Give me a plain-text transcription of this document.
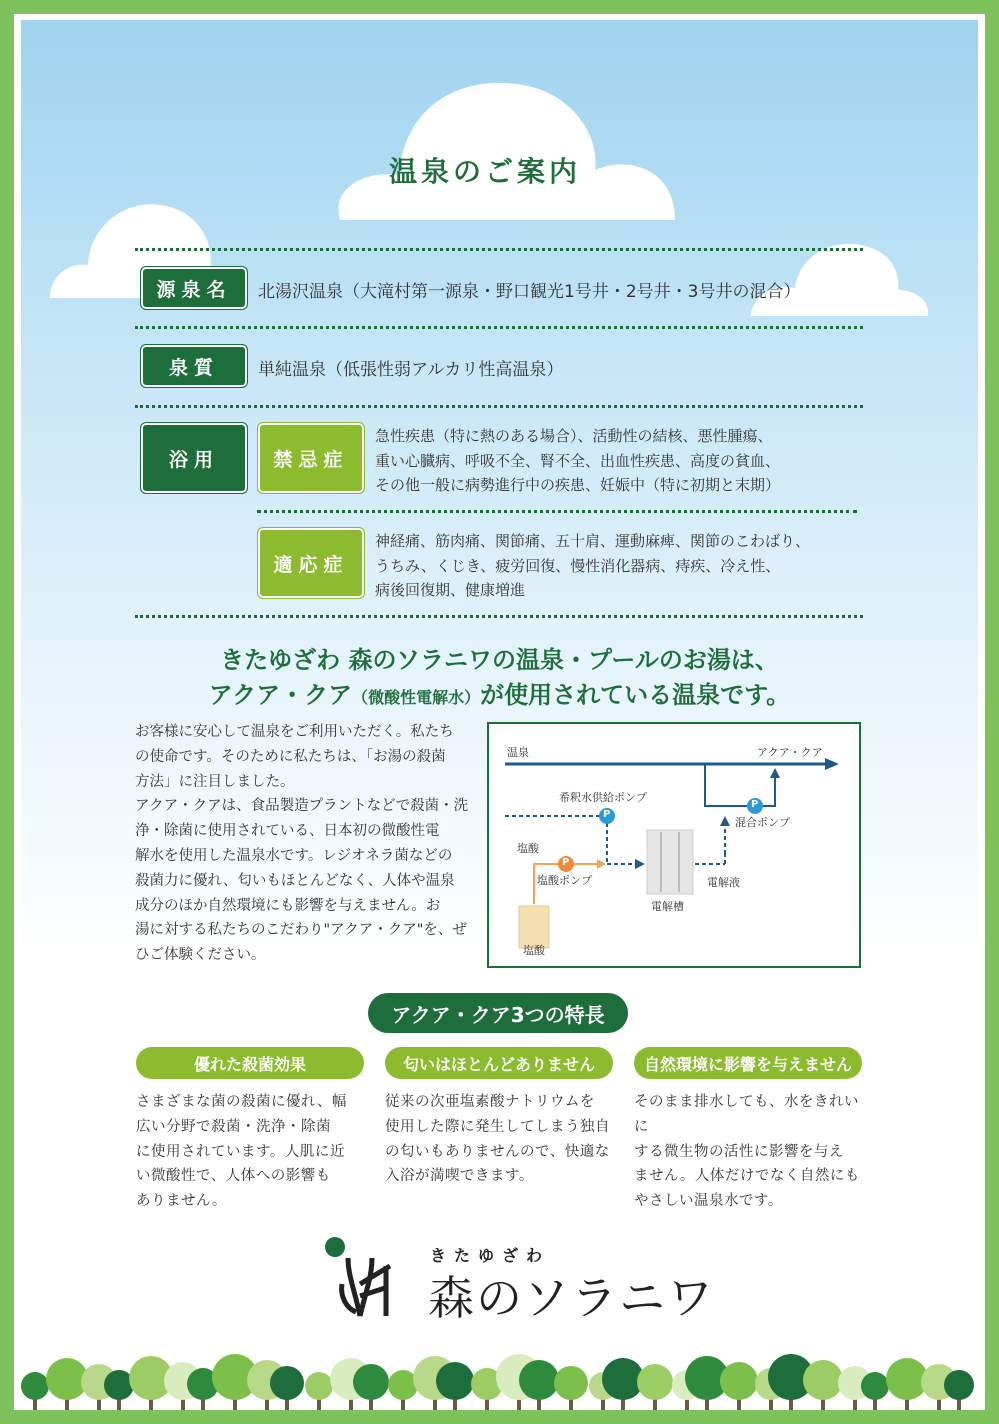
温泉のご案内
源泉名	北湯沢温泉（大滝村第一源泉・野口観光1号井・2号井・3号井の混合）
泉質	単純温泉（低張性弱アルカリ性高温泉）
浴用	禁忌症
急性疾患（特に熱のある場合）、活動性の結核、悪性腫瘍、
重い心臓病、呼吸不全、腎不全、出血性疾患、高度の貧血、
その他一般に病勢進行中の疾患、妊娠中（特に初期と末期）
適応症
神経痛、筋肉痛、関節痛、五十肩、運動麻痺、関節のこわばり、
うちみ、くじき、疲労回復、慢性消化器病、痔疾、冷え性、
病後回復期、健康増進
きたゆざわ 森のソラニワの温泉・プールのお湯は、
アクア・クア（微酸性電解水）が使用されている温泉です。
お客様に安心して温泉をご利用いただく。私たち
の使命です。そのために私たちは、「お湯の殺菌
方法」に注目しました。
アクア・クアは、食品製造プラントなどで殺菌・洗
浄・除菌に使用されている、日本初の微酸性電
解水を使用した温泉水です。レジオネラ菌などの
殺菌力に優れ、匂いもほとんどなく、人体や温泉
成分のほか自然環境にも影響を与えません。お
湯に対する私たちのこだわり"アクア・クア"を、ぜ
ひご体験ください。
温泉	アクア・クア
希釈水供給ポンプ
混合ポンプ
塩酸
塩酸ポンプ	電解液
電解槽
塩酸
P
P
P
アクア・クア3つの特長
優れた殺菌効果	匂いはほとんどありません	自然環境に影響を与えません
さまざまな菌の殺菌に優れ、幅
広い分野で殺菌・洗浄・除菌
に使用されています。人肌に近
い微酸性で、人体への影響も
ありません。
従来の次亜塩素酸ナトリウムを
使用した際に発生してしまう独自
の匂いもありませんので、快適な
入浴が満喫できます。
そのまま排水しても、水をきれいに
する微生物の活性に影響を与え
ません。人体だけでなく自然にも
やさしい温泉水です。
きたゆざわ
森のソラニワ
